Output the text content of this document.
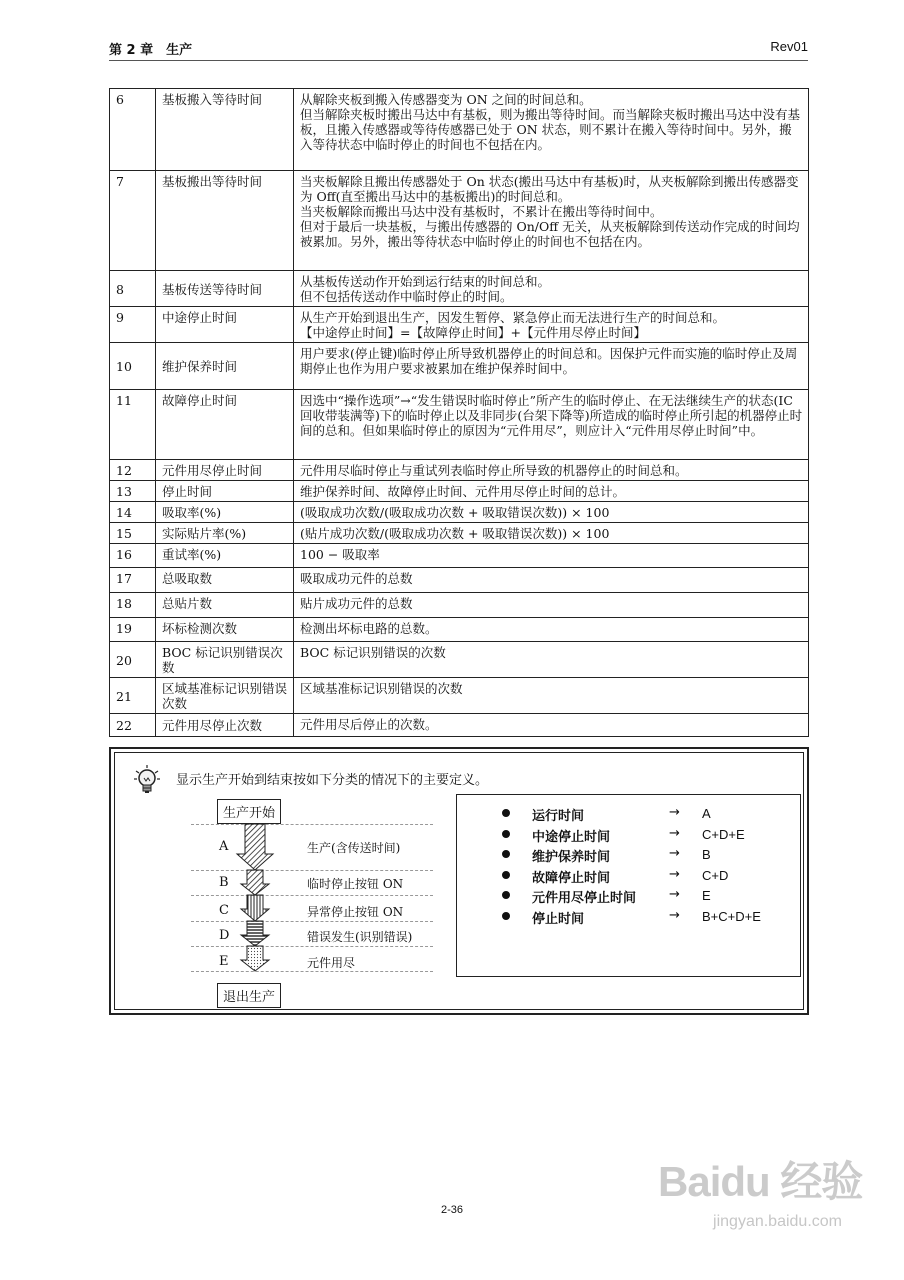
第 2 章　生产	Rev01
6	基板搬入等待时间	从解除夹板到搬入传感器变为 ON 之间的时间总和。
但当解除夹板时搬出马达中有基板，则为搬出等待时间。而当解除夹板时搬出马达中没有基板，且搬入传感器或等待传感器已处于 ON 状态，则不累计在搬入等待时间中。另外，搬入等待状态中临时停止的时间也不包括在内。

7	基板搬出等待时间	当夹板解除且搬出传感器处于 On 状态(搬出马达中有基板)时，从夹板解除到搬出传感器变为 Off(直至搬出马达中的基板搬出)的时间总和。
当夹板解除而搬出马达中没有基板时，不累计在搬出等待时间中。
但对于最后一块基板，与搬出传感器的 On/Off 无关，从夹板解除到传送动作完成的时间均被累加。另外，搬出等待状态中临时停止的时间也不包括在内。

8	基板传送等待时间	从基板传送动作开始到运行结束的时间总和。
但不包括传送动作中临时停止的时间。

9	中途停止时间	从生产开始到退出生产，因发生暂停、紧急停止而无法进行生产的时间总和。
【中途停止时间】=【故障停止时间】+【元件用尽停止时间】

10	维护保养时间	用户要求(停止键)临时停止所导致机器停止的时间总和。因保护元件而实施的临时停止及周期停止也作为用户要求被累加在维护保养时间中。

11	故障停止时间	因选中“操作选项”→“发生错误时临时停止”所产生的临时停止、在无法继续生产的状态(IC 回收带装满等)下的临时停止以及非同步(台架下降等)所造成的临时停止所引起的机器停止时间的总和。但如果临时停止的原因为“元件用尽”，则应计入“元件用尽停止时间”中。

12	元件用尽停止时间	元件用尽临时停止与重试列表临时停止所导致的机器停止的时间总和。

13	停止时间	维护保养时间、故障停止时间、元件用尽停止时间的总计。

14	吸取率(%)	(吸取成功次数/(吸取成功次数 + 吸取错误次数)) × 100

15	实际贴片率(%)	(贴片成功次数/(吸取成功次数 + 吸取错误次数)) × 100

16	重试率(%)	100 − 吸取率

17	总吸取数	吸取成功元件的总数

18	总贴片数	贴片成功元件的总数

19	坏标检测次数	检测出坏标电路的总数。

20	BOC 标记识别错误次数	BOC 标记识别错误的次数

21	区域基准标记识别错误次数	区域基准标记识别错误的次数

22	元件用尽停止次数	元件用尽后停止的次数。
显示生产开始到结束按如下分类的情况下的主要定义。
生产开始
A	生产(含传送时间)
B	临时停止按钮 ON
C	异常停止按钮 ON
D	错误发生(识别错误)
E	元件用尽
退出生产
运行时间	→ A
中途停止时间	→ C+D+E
维护保养时间	→ B
故障停止时间	→ C+D
元件用尽停止时间	→ E
停止时间	→ B+C+D+E
2-36
Baidu 经验
jingyan.baidu.com
